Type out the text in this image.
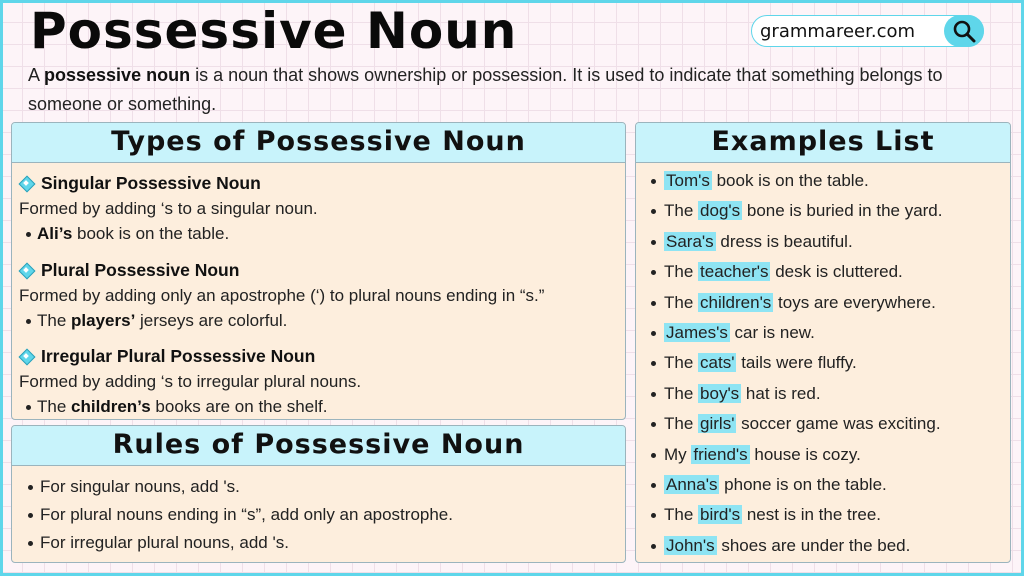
Possessive Noun	grammareer.com

A possessive noun is a noun that shows ownership or possession. It is used to indicate that something belongs to someone or something.

Types of Possessive Noun
Singular Possessive Noun
Formed by adding ‘s to a singular noun.
Ali’s book is on the table.
Plural Possessive Noun
Formed by adding only an apostrophe (‘) to plural nouns ending in “s.”
The players’ jerseys are colorful.
Irregular Plural Possessive Noun
Formed by adding ‘s to irregular plural nouns.
The children’s books are on the shelf.
Rules of Possessive Noun
For singular nouns, add 's.
For plural nouns ending in “s”, add only an apostrophe.
For irregular plural nouns, add 's.
Examples List
Tom's book is on the table.
The dog's bone is buried in the yard.
Sara's dress is beautiful.
The teacher's desk is cluttered.
The children's toys are everywhere.
James's car is new.
The cats' tails were fluffy.
The boy's hat is red.
The girls' soccer game was exciting.
My friend's house is cozy.
Anna's phone is on the table.
The bird's nest is in the tree.
John's shoes are under the bed.
